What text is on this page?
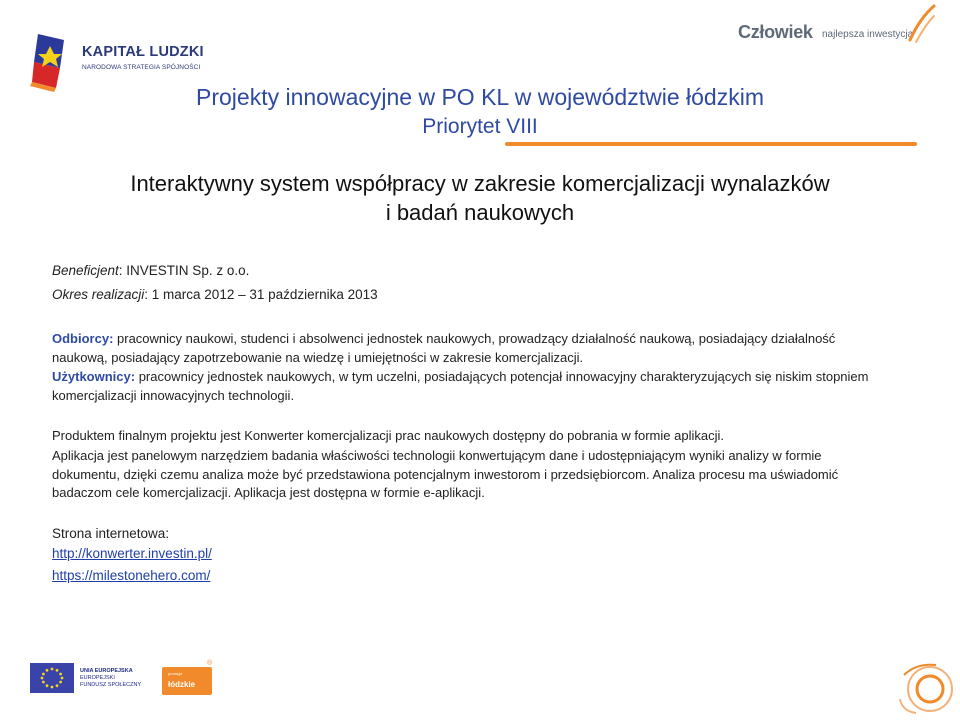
KAPITAŁ LUDZKI
NARODOWA STRATEGIA SPÓJNOŚCI
Człowiek najlepsza inwestycja
Projekty innowacyjne w PO KL w województwie łódzkim
Priorytet VIII
Interaktywny system współpracy w zakresie komercjalizacji wynalazków
i badań naukowych
Beneficjent: INVESTIN Sp. z o.o.
Okres realizacji: 1 marca 2012 – 31 października 2013
Odbiorcy: pracownicy naukowi, studenci i absolwenci jednostek naukowych, prowadzący działalność naukową, posiadający działalność naukową, posiadający zapotrzebowanie na wiedzę i umiejętności w zakresie komercjalizacji.
Użytkownicy: pracownicy jednostek naukowych, w tym uczelni, posiadających potencjał innowacyjny charakteryzujących się niskim stopniem komercjalizacji innowacyjnych technologii.
Produktem finalnym projektu jest Konwerter komercjalizacji prac naukowych dostępny do pobrania w formie aplikacji.
Aplikacja jest panelowym narzędziem badania właściwości technologii konwertującym dane i udostępniającym wyniki analizy w formie dokumentu, dzięki czemu analiza może być przedstawiona potencjalnym inwestorom i przedsiębiorcom. Analiza procesu ma uświadomić badaczom cele komercjalizacji. Aplikacja jest dostępna w formie e-aplikacji.
Strona internetowa:
http://konwerter.investin.pl/
https://milestonehero.com/
UNIA EUROPEJSKA
EUROPEJSKI
FUNDUSZ SPOŁECZNY
promuje
łódzkie
®
